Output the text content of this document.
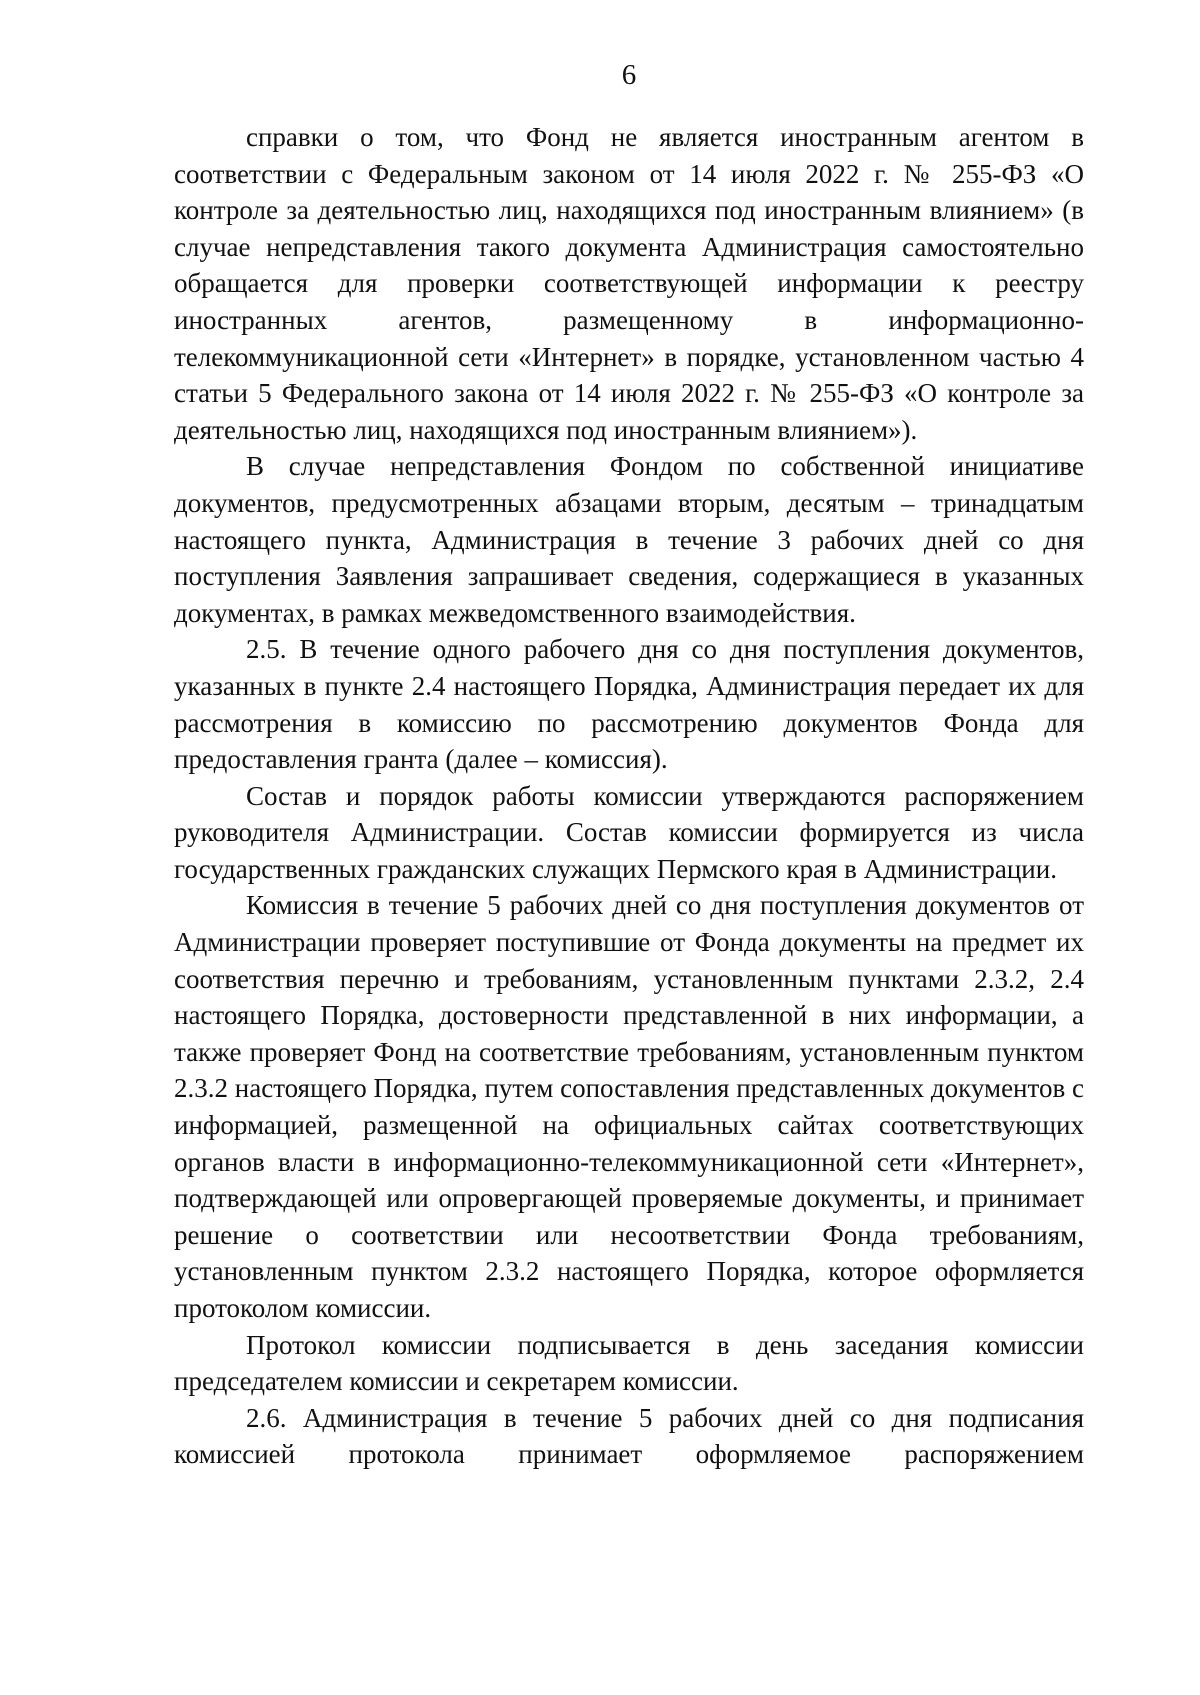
6

справки о том, что Фонд не является иностранным агентом в соответствии с Федеральным законом от 14 июля 2022 г. № 255-ФЗ «О контроле за деятельностью лиц, находящихся под иностранным влиянием» (в случае непредставления такого документа Администрация самостоятельно обращается для проверки соответствующей информации к реестру иностранных агентов, размещенному в информационно-телекоммуникационной сети «Интернет» в порядке, установленном частью 4 статьи 5 Федерального закона от 14 июля 2022 г. № 255-ФЗ «О контроле за деятельностью лиц, находящихся под иностранным влиянием»).

В случае непредставления Фондом по собственной инициативе документов, предусмотренных абзацами вторым, десятым – тринадцатым настоящего пункта, Администрация в течение 3 рабочих дней со дня поступления Заявления запрашивает сведения, содержащиеся в указанных документах, в рамках межведомственного взаимодействия.

2.5. В течение одного рабочего дня со дня поступления документов, указанных в пункте 2.4 настоящего Порядка, Администрация передает их для рассмотрения в комиссию по рассмотрению документов Фонда для предоставления гранта (далее – комиссия).

Состав и порядок работы комиссии утверждаются распоряжением руководителя Администрации. Состав комиссии формируется из числа государственных гражданских служащих Пермского края в Администрации.

Комиссия в течение 5 рабочих дней со дня поступления документов от Администрации проверяет поступившие от Фонда документы на предмет их соответствия перечню и требованиям, установленным пунктами 2.3.2, 2.4 настоящего Порядка, достоверности представленной в них информации, а также проверяет Фонд на соответствие требованиям, установленным пунктом 2.3.2 настоящего Порядка, путем сопоставления представленных документов с информацией, размещенной на официальных сайтах соответствующих органов власти в информационно-телекоммуникационной сети «Интернет», подтверждающей или опровергающей проверяемые документы, и принимает решение о соответствии или несоответствии Фонда требованиям, установленным пунктом 2.3.2 настоящего Порядка, которое оформляется протоколом комиссии.

Протокол комиссии подписывается в день заседания комиссии председателем комиссии и секретарем комиссии.

2.6. Администрация в течение 5 рабочих дней со дня подписания комиссией протокола принимает оформляемое распоряжением
